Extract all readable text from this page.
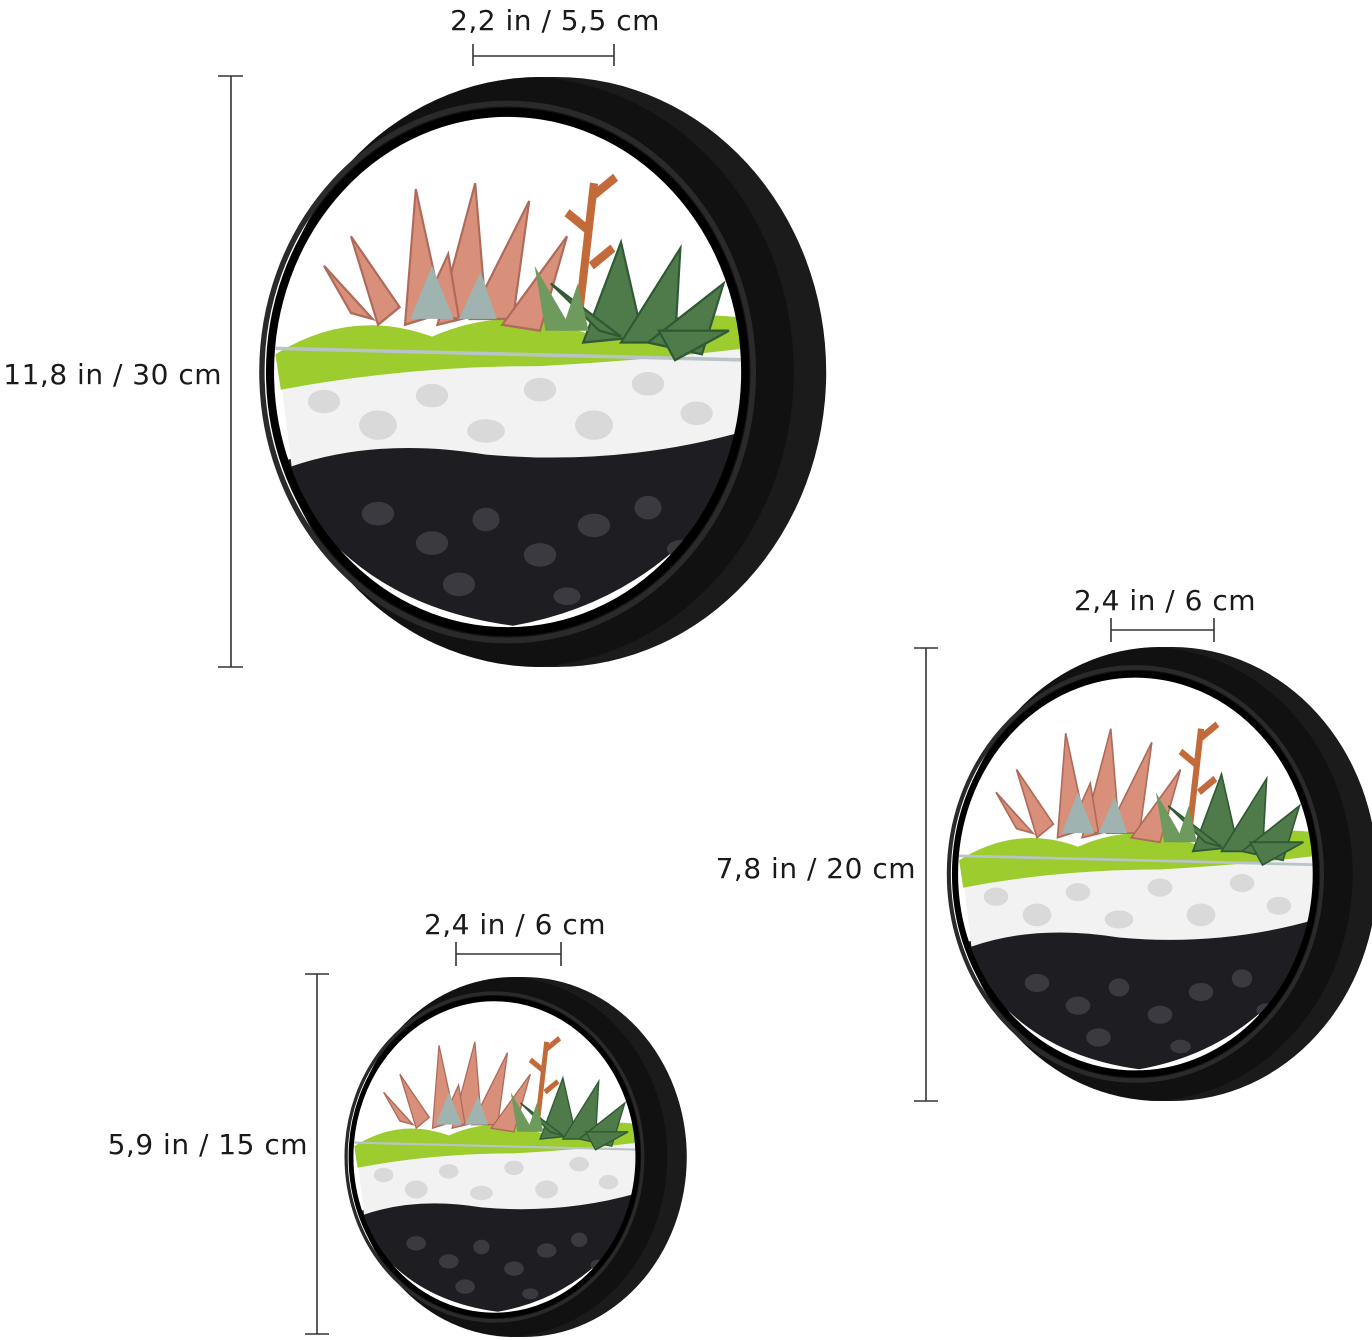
2,2 in / 5,5 cm
11,8 in / 30 cm
2,4 in / 6 cm
7,8 in / 20 cm
2,4 in / 6 cm
5,9 in / 15 cm
